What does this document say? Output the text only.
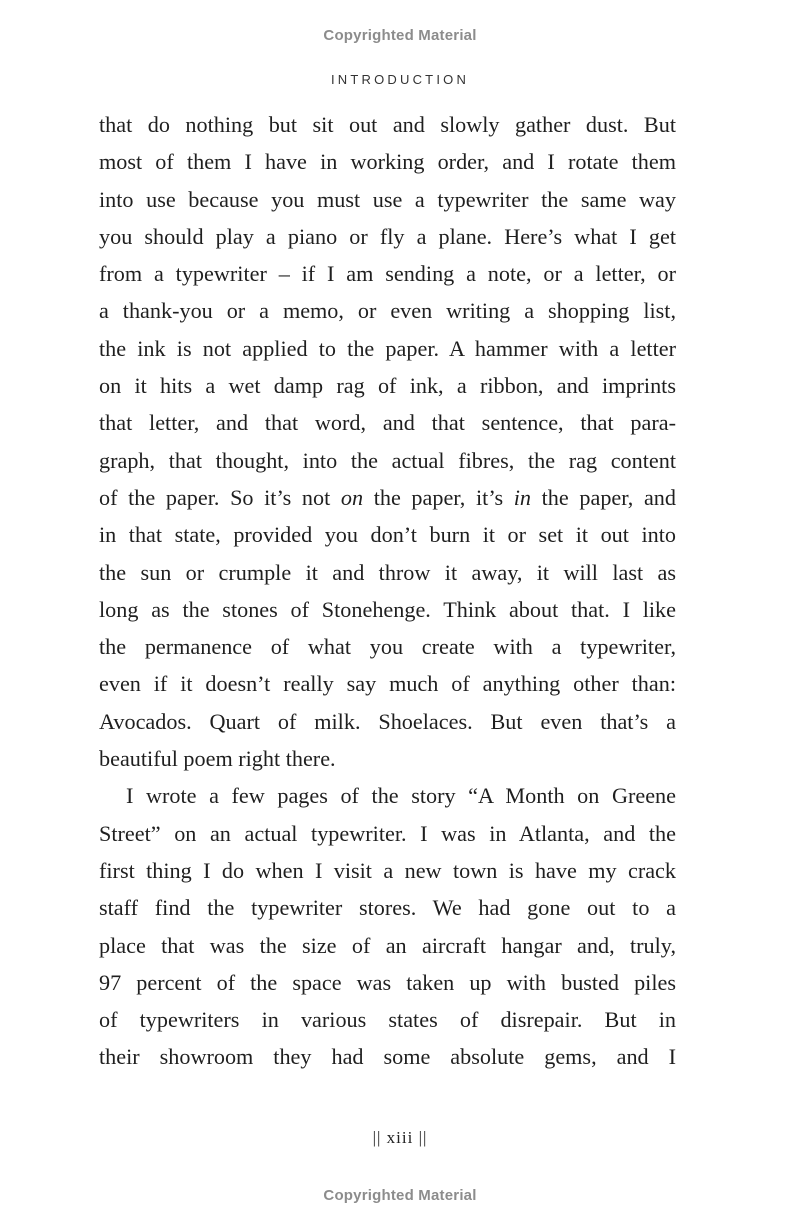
Copyrighted Material
INTRODUCTION

that do nothing but sit out and slowly gather dust. But
most of them I have in working order, and I rotate them
into use because you must use a typewriter the same way
you should play a piano or fly a plane. Here’s what I get
from a typewriter – if I am sending a note, or a letter, or
a thank-you or a memo, or even writing a shopping list,
the ink is not applied to the paper. A hammer with a letter
on it hits a wet damp rag of ink, a ribbon, and imprints
that letter, and that word, and that sentence, that para-
graph, that thought, into the actual fibres, the rag content
of the paper. So it’s not on the paper, it’s in the paper, and
in that state, provided you don’t burn it or set it out into
the sun or crumple it and throw it away, it will last as
long as the stones of Stonehenge. Think about that. I like
the permanence of what you create with a typewriter,
even if it doesn’t really say much of anything other than:
Avocados. Quart of milk. Shoelaces. But even that’s a
beautiful poem right there.

I wrote a few pages of the story “A Month on Greene
Street” on an actual typewriter. I was in Atlanta, and the
first thing I do when I visit a new town is have my crack
staff find the typewriter stores. We had gone out to a
place that was the size of an aircraft hangar and, truly,
97 percent of the space was taken up with busted piles
of typewriters in various states of disrepair. But in
their showroom they had some absolute gems, and I

|| xiii ||
Copyrighted Material
